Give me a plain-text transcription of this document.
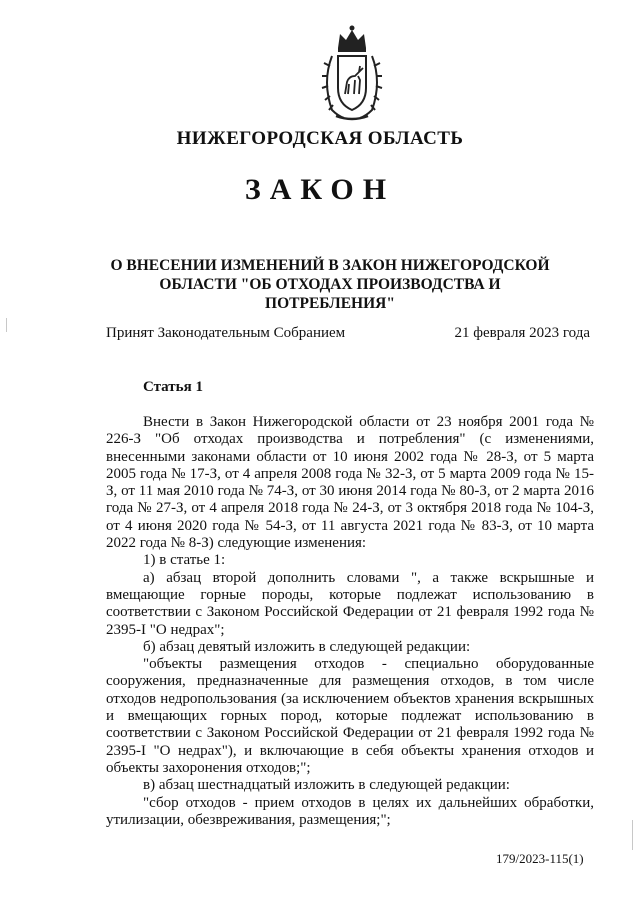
НИЖЕГОРОДСКАЯ ОБЛАСТЬ
ЗАКОН
О ВНЕСЕНИИ ИЗМЕНЕНИЙ В ЗАКОН НИЖЕГОРОДСКОЙ
ОБЛАСТИ "ОБ ОТХОДАХ ПРОИЗВОДСТВА И ПОТРЕБЛЕНИЯ"
Принят Законодательным Собранием	21 февраля 2023 года
Статья 1

Внести в Закон Нижегородской области от 23 ноября 2001 года № 226-З "Об отходах производства и потребления" (с изменениями, внесенными законами области от 10 июня 2002 года № 28-З, от 5 марта 2005 года № 17-З, от 4 апреля 2008 года № 32-З, от 5 марта 2009 года № 15-З, от 11 мая 2010 года № 74-З, от 30 июня 2014 года № 80-З, от 2 марта 2016 года № 27-З, от 4 апреля 2018 года № 24-З, от 3 октября 2018 года № 104-З, от 4 июня 2020 года № 54-З, от 11 августа 2021 года № 83-З, от 10 марта 2022 года № 8-З) следующие изменения:

1) в статье 1:

а) абзац второй дополнить словами ", а также вскрышные и вмещающие горные породы, которые подлежат использованию в соответствии с Законом Российской Федерации от 21 февраля 1992 года № 2395-I "О недрах";

б) абзац девятый изложить в следующей редакции:

"объекты размещения отходов - специально оборудованные сооружения, предназначенные для размещения отходов, в том числе отходов недропользования (за исключением объектов хранения вскрышных и вмещающих горных пород, которые подлежат использованию в соответствии с Законом Российской Федерации от 21 февраля 1992 года № 2395-I "О недрах"), и включающие в себя объекты хранения отходов и объекты захоронения отходов;";

в) абзац шестнадцатый изложить в следующей редакции:

"сбор отходов - прием отходов в целях их дальнейших обработки, утилизации, обезвреживания, размещения;";

179/2023-115(1)
